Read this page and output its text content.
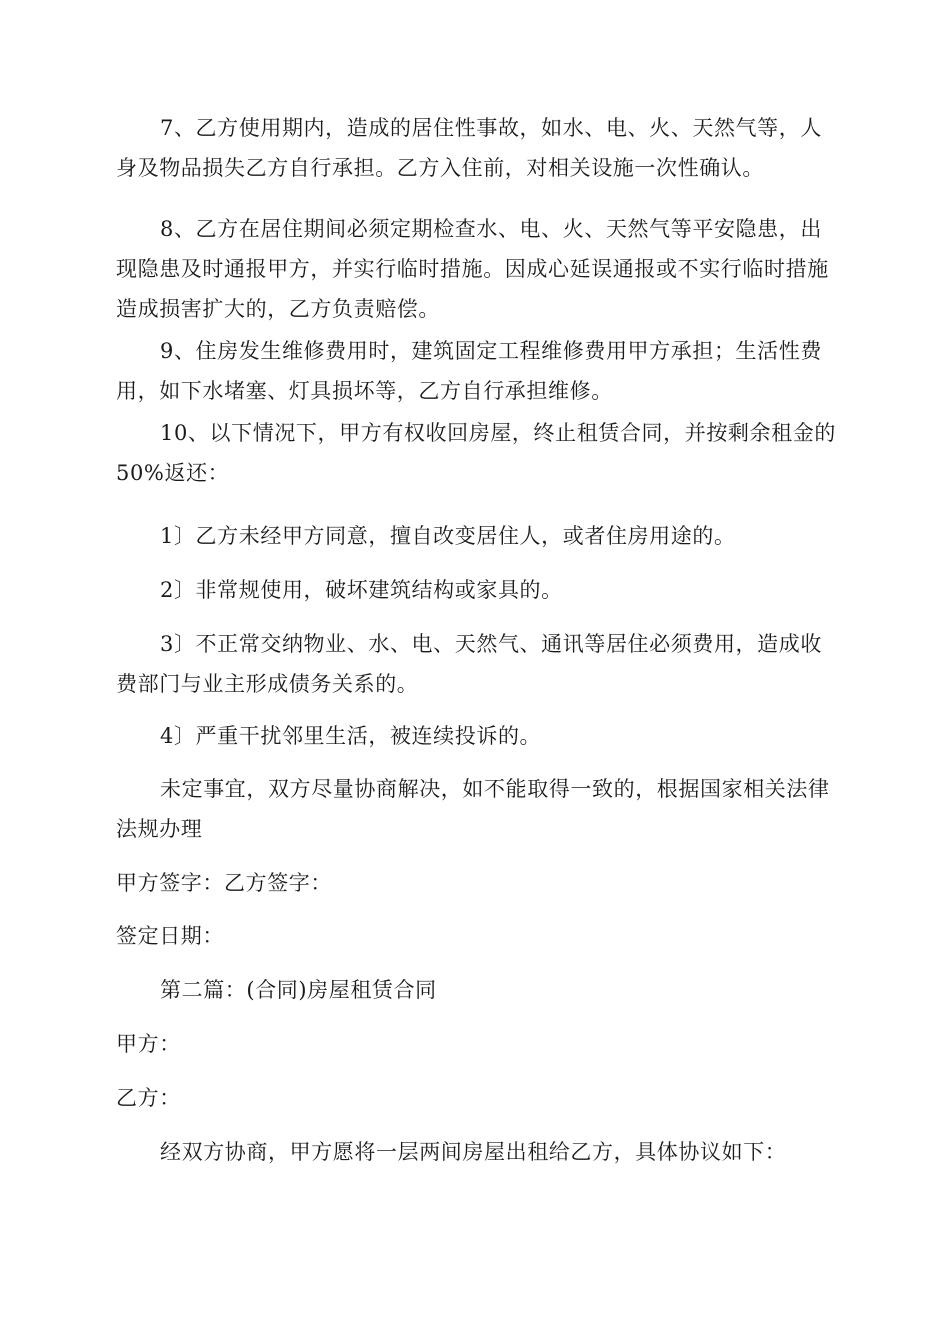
7、乙方使用期内，造成的居住性事故，如水、电、火、天然气等，人身及物品损失乙方自行承担。乙方入住前，对相关设施一次性确认。

8、乙方在居住期间必须定期检查水、电、火、天然气等平安隐患，出现隐患及时通报甲方，并实行临时措施。因成心延误通报或不实行临时措施造成损害扩大的，乙方负责赔偿。

9、住房发生维修费用时，建筑固定工程维修费用甲方承担；生活性费用，如下水堵塞、灯具损坏等，乙方自行承担维修。

10、以下情况下，甲方有权收回房屋，终止租赁合同，并按剩余租金的50%返还：

1〕乙方未经甲方同意，擅自改变居住人，或者住房用途的。

2〕非常规使用，破坏建筑结构或家具的。

3〕不正常交纳物业、水、电、天然气、通讯等居住必须费用，造成收费部门与业主形成债务关系的。

4〕严重干扰邻里生活，被连续投诉的。

未定事宜，双方尽量协商解决，如不能取得一致的，根据国家相关法律法规办理

甲方签字：乙方签字：

签定日期：

第二篇：(合同)房屋租赁合同

甲方：

乙方：

经双方协商，甲方愿将一层两间房屋出租给乙方，具体协议如下：
